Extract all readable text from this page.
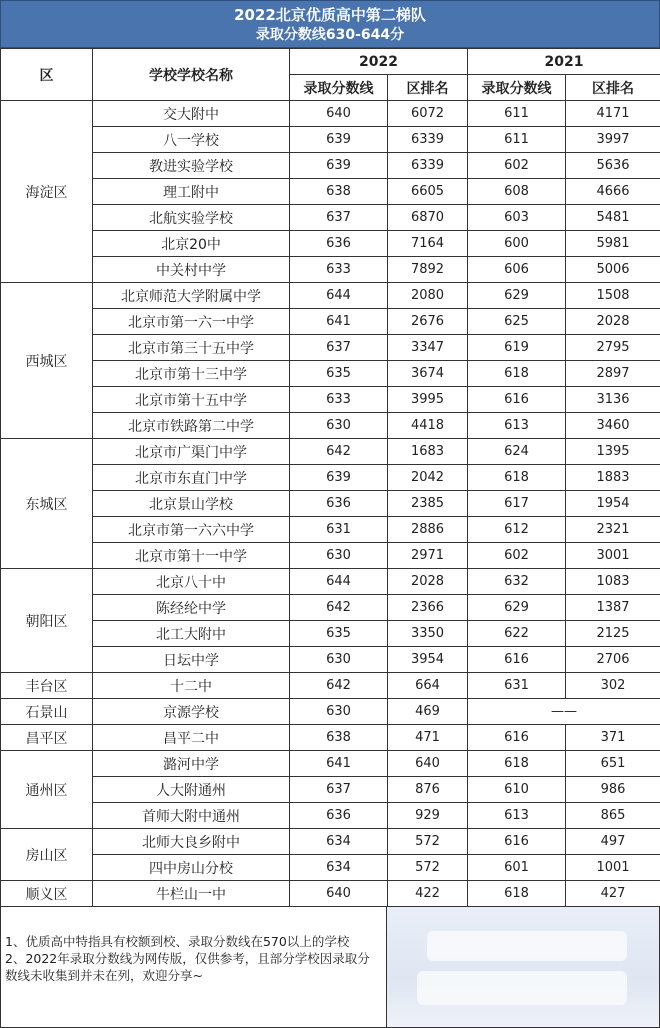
2022北京优质高中第二梯队
录取分数线630-644分
区	学校学校名称	2022		2021	
		录取分数线	区排名	录取分数线	区排名
海淀区	交大附中	640	6072	611	4171
	八一学校	639	6339	611	3997
	教进实验学校	639	6339	602	5636
	理工附中	638	6605	608	4666
	北航实验学校	637	6870	603	5481
	北京20中	636	7164	600	5981
	中关村中学	633	7892	606	5006
西城区	北京师范大学附属中学	644	2080	629	1508
	北京市第一六一中学	641	2676	625	2028
	北京市第三十五中学	637	3347	619	2795
	北京市第十三中学	635	3674	618	2897
	北京市第十五中学	633	3995	616	3136
	北京市铁路第二中学	630	4418	613	3460
东城区	北京市广渠门中学	642	1683	624	1395
	北京市东直门中学	639	2042	618	1883
	北京景山学校	636	2385	617	1954
	北京市第一六六中学	631	2886	612	2321
	北京市第十一中学	630	2971	602	3001
朝阳区	北京八十中	644	2028	632	1083
	陈经纶中学	642	2366	629	1387
	北工大附中	635	3350	622	2125
	日坛中学	630	3954	616	2706
丰台区	十二中	642	664	631	302
石景山	京源学校	630	469	——	
昌平区	昌平二中	638	471	616	371
通州区	潞河中学	641	640	618	651
	人大附通州	637	876	610	986
	首师大附中通州	636	929	613	865
房山区	北师大良乡附中	634	572	616	497
	四中房山分校	634	572	601	1001
顺义区	牛栏山一中	640	422	618	427

1、优质高中特指具有校额到校、录取分数线在570以上的学校

2、2022年录取分数线为网传版，仅供参考，且部分学校因录取分数线未收集到并未在列，欢迎分享~
